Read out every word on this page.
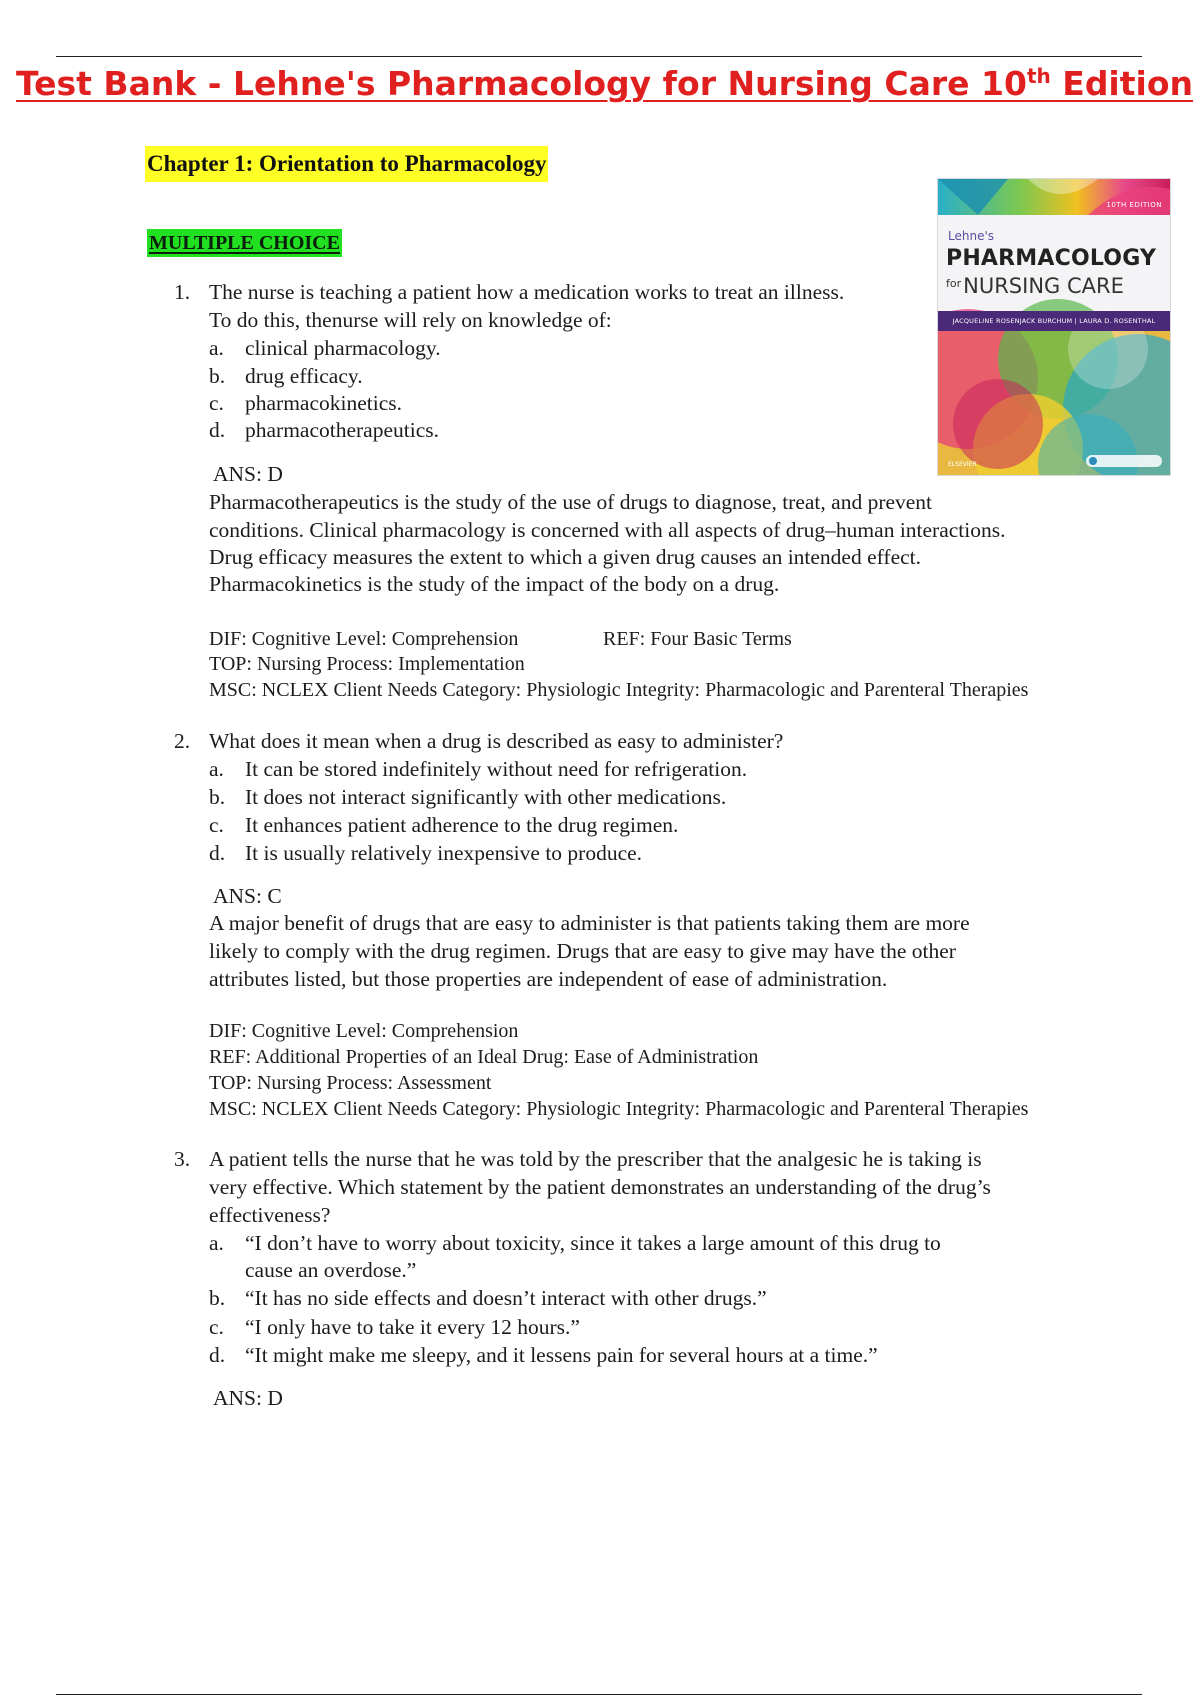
Test Bank - Lehne's Pharmacology for Nursing Care 10th Edition
Chapter 1: Orientation to Pharmacology
MULTIPLE CHOICE
10TH EDITION
Lehne's
PHARMACOLOGY
$^{for}$NURSING CARE
JACQUELINE ROSENJACK BURCHUM | LAURA D. ROSENTHAL
ELSEVIER
1. The nurse is teaching a patient how a medication works to treat an illness.
To do this, thenurse will rely on knowledge of:
a. clinical pharmacology.
b. drug efficacy.
c. pharmacokinetics.
d. pharmacotherapeutics.
ANS: D
Pharmacotherapeutics is the study of the use of drugs to diagnose, treat, and prevent
conditions. Clinical pharmacology is concerned with all aspects of drug–human interactions.
Drug efficacy measures the extent to which a given drug causes an intended effect.
Pharmacokinetics is the study of the impact of the body on a drug.
DIF: Cognitive Level: Comprehension	REF: Four Basic Terms
TOP: Nursing Process: Implementation
MSC: NCLEX Client Needs Category: Physiologic Integrity: Pharmacologic and Parenteral Therapies
2. What does it mean when a drug is described as easy to administer?
a. It can be stored indefinitely without need for refrigeration.
b. It does not interact significantly with other medications.
c. It enhances patient adherence to the drug regimen.
d. It is usually relatively inexpensive to produce.
ANS: C
A major benefit of drugs that are easy to administer is that patients taking them are more
likely to comply with the drug regimen. Drugs that are easy to give may have the other
attributes listed, but those properties are independent of ease of administration.
DIF: Cognitive Level: Comprehension
REF: Additional Properties of an Ideal Drug: Ease of Administration
TOP: Nursing Process: Assessment
MSC: NCLEX Client Needs Category: Physiologic Integrity: Pharmacologic and Parenteral Therapies
3. A patient tells the nurse that he was told by the prescriber that the analgesic he is taking is
very effective. Which statement by the patient demonstrates an understanding of the drug’s
effectiveness?
a. “I don’t have to worry about toxicity, since it takes a large amount of this drug to
cause an overdose.”
b. “It has no side effects and doesn’t interact with other drugs.”
c. “I only have to take it every 12 hours.”
d. “It might make me sleepy, and it lessens pain for several hours at a time.”
ANS: D
